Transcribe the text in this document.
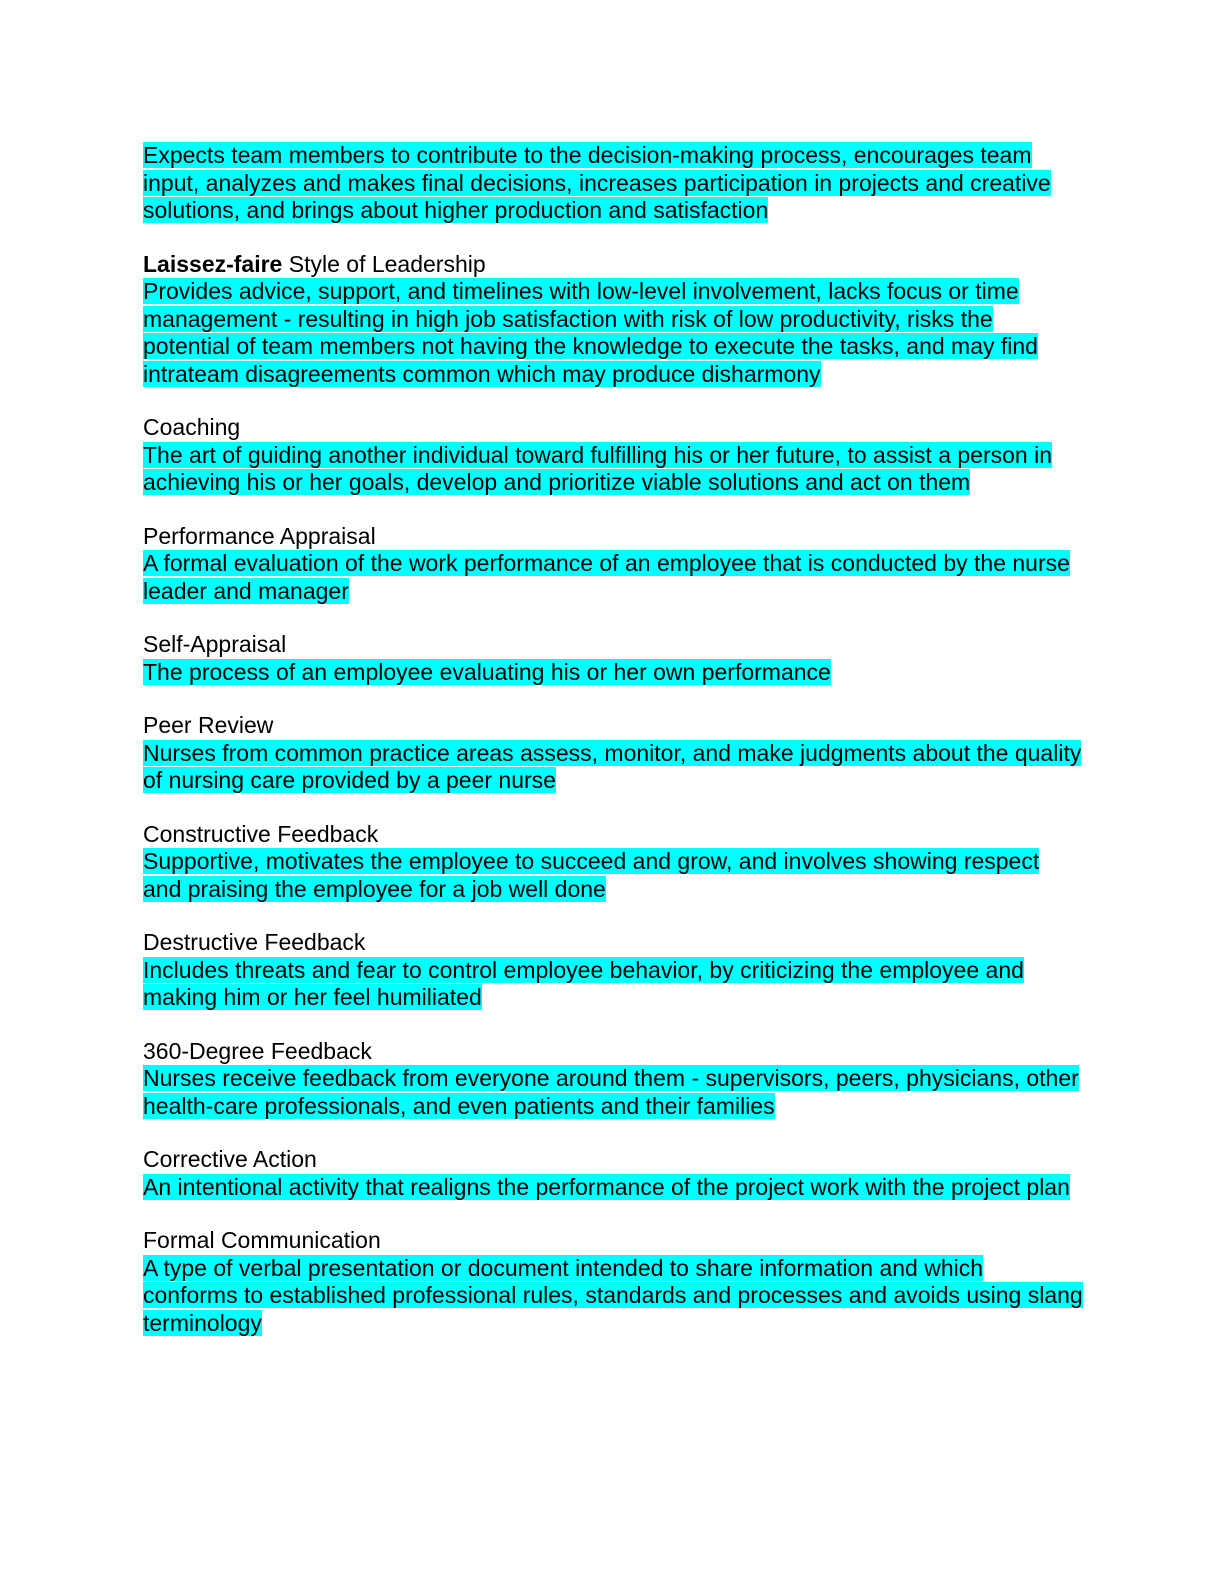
Expects team members to contribute to the decision-making process, encourages team input, analyzes and makes final decisions, increases participation in projects and creative solutions, and brings about higher production and satisfaction

Laissez-faire Style of Leadership

Provides advice, support, and timelines with low-level involvement, lacks focus or time management - resulting in high job satisfaction with risk of low productivity, risks the potential of team members not having the knowledge to execute the tasks, and may find intrateam disagreements common which may produce disharmony

Coaching

The art of guiding another individual toward fulfilling his or her future, to assist a person in achieving his or her goals, develop and prioritize viable solutions and act on them

Performance Appraisal

A formal evaluation of the work performance of an employee that is conducted by the nurse leader and manager

Self-Appraisal

The process of an employee evaluating his or her own performance

Peer Review

Nurses from common practice areas assess, monitor, and make judgments about the quality of nursing care provided by a peer nurse

Constructive Feedback

Supportive, motivates the employee to succeed and grow, and involves showing respect and praising the employee for a job well done

Destructive Feedback

Includes threats and fear to control employee behavior, by criticizing the employee and making him or her feel humiliated

360-Degree Feedback

Nurses receive feedback from everyone around them - supervisors, peers, physicians, other health-care professionals, and even patients and their families

Corrective Action

An intentional activity that realigns the performance of the project work with the project plan

Formal Communication

A type of verbal presentation or document intended to share information and which conforms to established professional rules, standards and processes and avoids using slang terminology
